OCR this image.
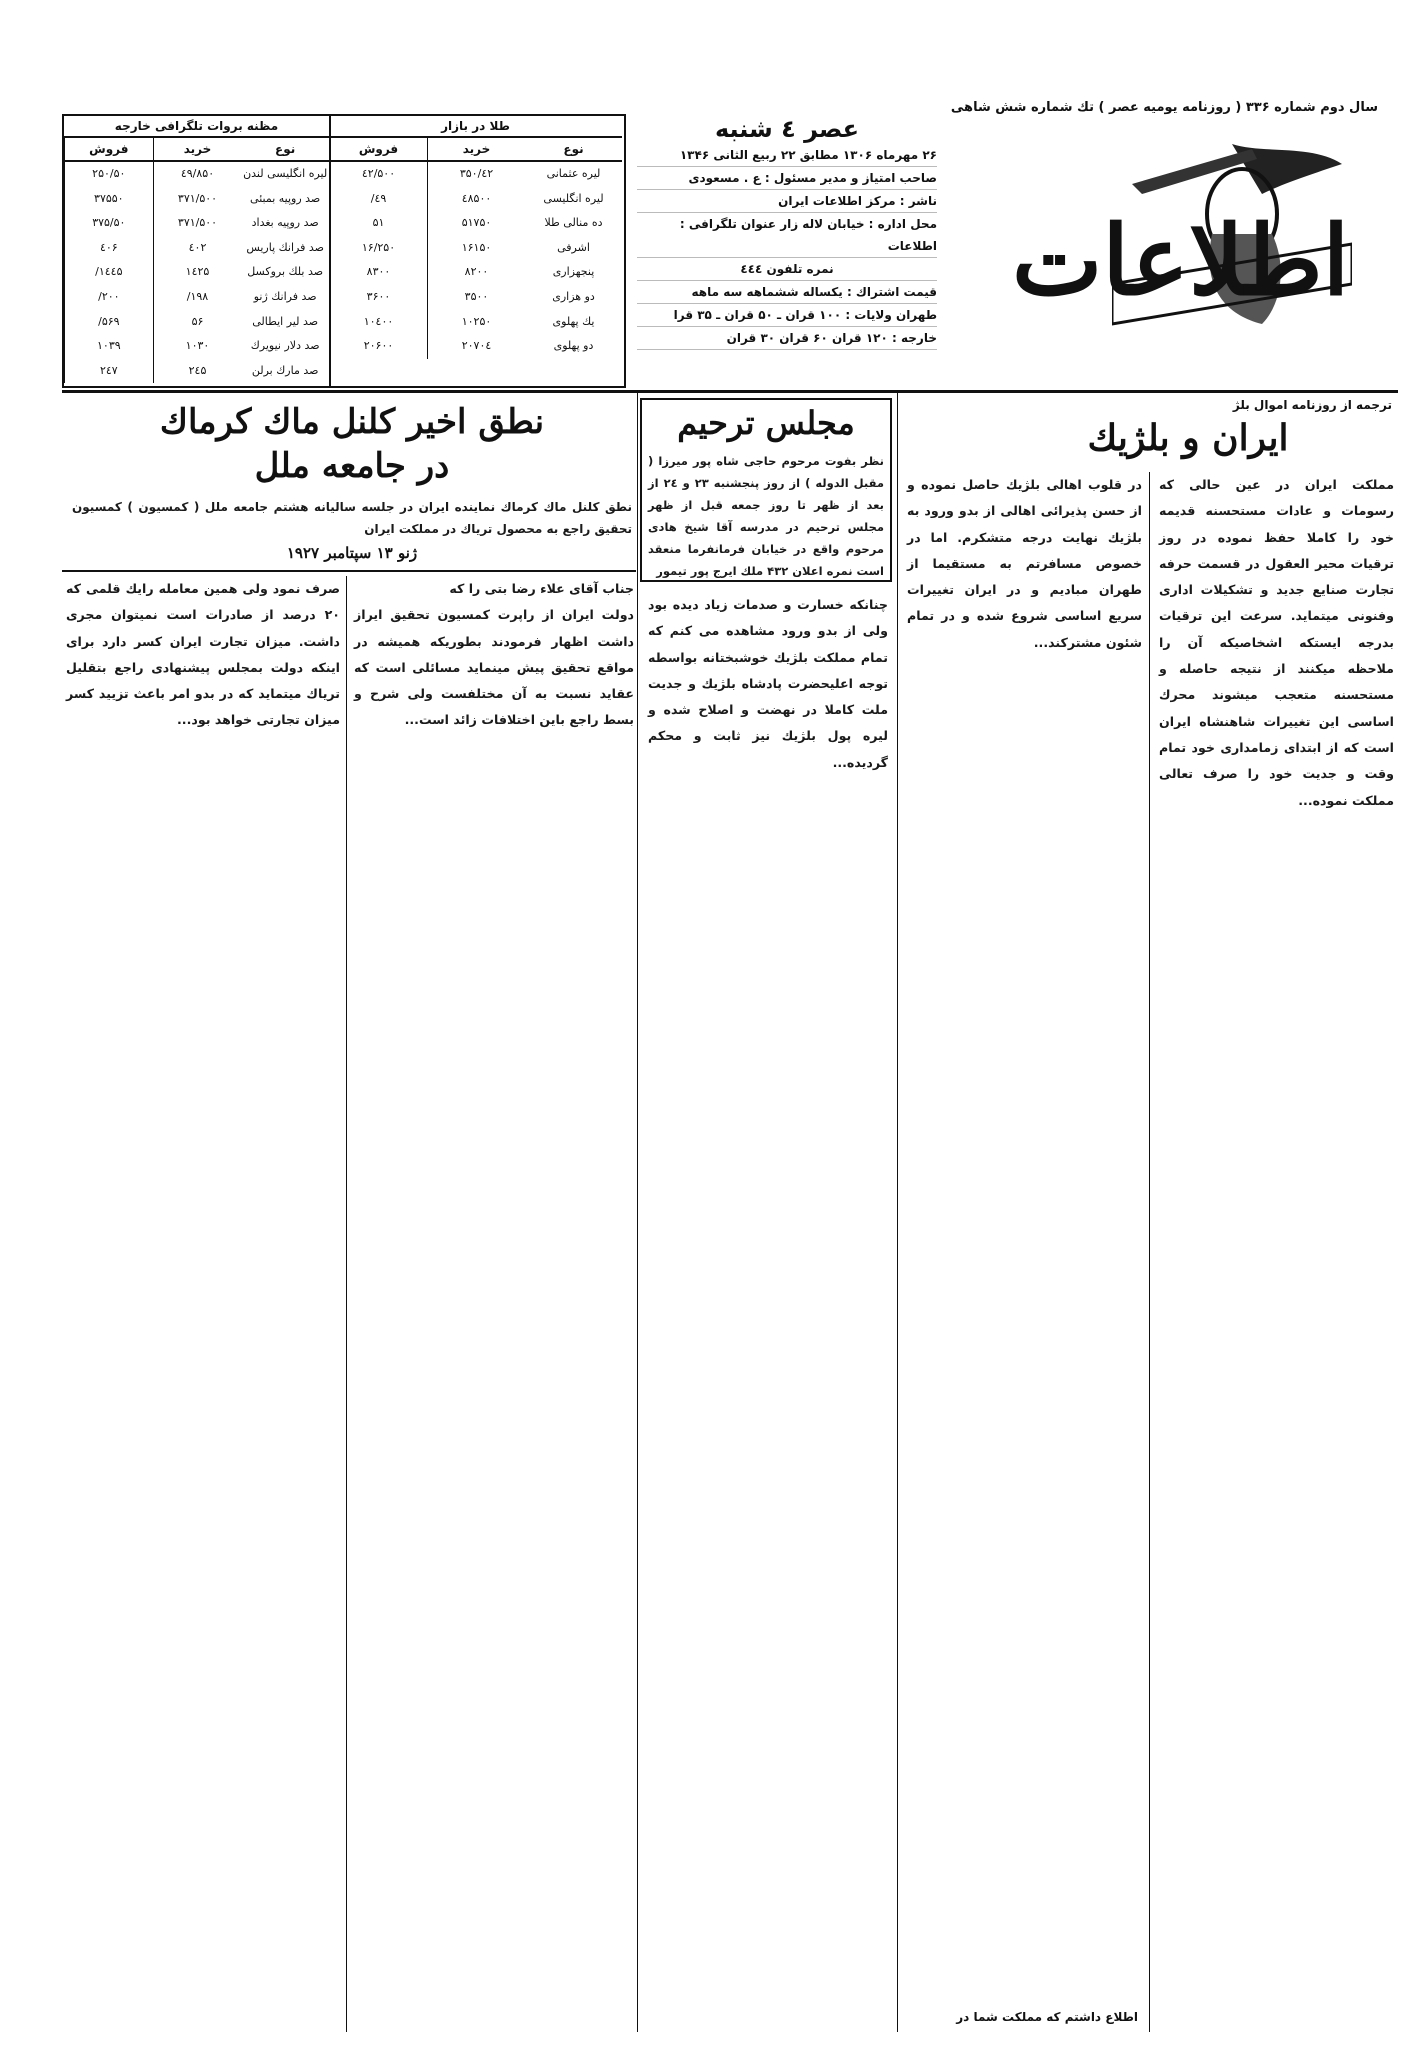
سال دوم شماره ۳۳۶ ( روزنامه یومیه عصر ) تك شماره شش شاهی
مظنه بروات تلگرافی خارجه
نوع
خرید
فروش
لیره انگلیسی لندن
٤۹/۸۵٠
۵٠/۲۵٠
صد روپیه بمبئی
٣۷۱/۵٠٠
٣۷۵۵٠
صد روپیه بغداد
٣۷۱/۵٠٠
٣۷۵/۵٠
صد فرانك پاریس
٤٠۲
٤٠۶
صد بلك بروکسل
۱٤۲۵
۱٤٤۵/
صد فرانك ژنو
۱۹۸/
۲٠٠/
صد لیر ایطالی
۵۶
۵۶۹/
صد دلار نیویرك
۱٠٣٠
۱٠٣۹
صد مارك برلن
۲٤۵
۲٤۷
طلا در بازار
نوع
خرید
فروش
لیره عثمانی
٤۲/٣۵٠
٤۲/۵٠٠
لیره انگلیسی
٤۸۵٠٠
٤۹/
ده منالی طلا
۵۱۷۵٠
۵۱
اشرفی
۱۶۱۵٠
۱۶/۲۵٠
پنجهزاری
۸۲٠٠
۸٣٠٠
دو هزاری
٣۵٠٠
٣۶٠٠
یك پهلوی
۱٠۲۵٠
۱٠٤٠٠
دو پهلوی
۲٠۷٠٤
۲٠۶٠٠
عصر ٤ شنبه
۲۶ مهرماه ۱۳۰۶ مطابق ۲۲ ربیع الثانی ۱۳۴۶
صاحب امتیاز و مدیر مسئول : ع . مسعودی
ناشر : مرکز اطلاعات ایران
محل اداره : خیابان لاله زار عنوان تلگرافی : اطلاعات
نمره تلفون ٤٤٤
قیمت اشتراك : یکساله ششماهه سه ماهه
طهران ولایات : ۱۰۰ قران ـ ۵۰ قران ـ ۳۵ قرا
خارجه : ۱۲۰ قران ۶۰ قران ۳۰ قران
اطلاعات
ترجمه از روزنامه اموال بلژ
ایران و بلژیك

مملکت ایران در عین حالی که رسومات و عادات مستحسنه قدیمه خود را کاملا حفظ نموده در روز ترقیات محیر العقول در قسمت حرفه تجارت صنایع جدید و تشکیلات اداری وفنونی میتماید. سرعت این ترقیات بدرجه ایستکه اشخاصیکه آن را ملاحظه میکنند از نتیجه حاصله و مستحسنه متعجب میشوند محرك اساسی این تغییرات شاهنشاه ایران است که از ابتدای زمامداری خود تمام وقت و جدیت خود را صرف تعالی مملکت نموده...

در قلوب اهالی بلژیك حاصل نموده و از حسن پذیرائی اهالی از بدو ورود به بلژیك نهایت درجه متشکرم. اما در خصوص مسافرتم به مستقیما از طهران مبادیم و در ایران تغییرات سریع اساسی شروع شده و در تمام شئون مشترکند...

مجلس ترحیم
نظر بفوت مرحوم حاجی شاه پور میرزا ( مقبل الدوله ) از روز پنجشنبه ۲۳ و ۲٤ از بعد از ظهر تا روز جمعه قبل از ظهر مجلس ترحیم در مدرسه آقا شیخ هادی مرحوم واقع در خیابان فرمانفرما منعقد است نمره اعلان ۴۳۲ ملك ایرج پور تیمور

چنانکه خسارت و صدمات زیاد دیده بود ولی از بدو ورود مشاهده می کنم که تمام مملکت بلژیك خوشبختانه بواسطه توجه اعلیحضرت پادشاه بلژیك و جدیت ملت کاملا در نهضت و اصلاح شده و لیره پول بلژیك نیز ثابت و محکم گردیده...

نطق اخیر کلنل ماك کرماك
در جامعه ملل
نطق کلنل ماك کرماك نماینده ایران در جلسه سالیانه هشتم جامعه ملل ( کمسیون ) کمسیون تحقیق راجع به محصول تریاك در مملکت ایران
ژنو ۱۳ سپتامبر ۱۹۲۷

جناب آقای علاء رضا بتی را که

دولت ایران از راپرت کمسیون تحقیق ایراز داشت اظهار فرمودند بطوریکه همیشه در مواقع تحقیق پیش مینماید مسائلی است که عقاید نسبت به آن مختلفست ولی شرح و بسط راجع باین اختلافات زائد است...

صرف نمود ولی همین معامله رایك قلمی که ۲٠ درصد از صادرات است نمیتوان مجری داشت. میزان تجارت ایران کسر دارد برای اینکه دولت بمجلس پیشنهادی راجع بتقلیل تریاك میتماید که در بدو امر باعث تزیید کسر میزان تجارتی خواهد بود...

اطلاع داشتم که مملکت شما در
